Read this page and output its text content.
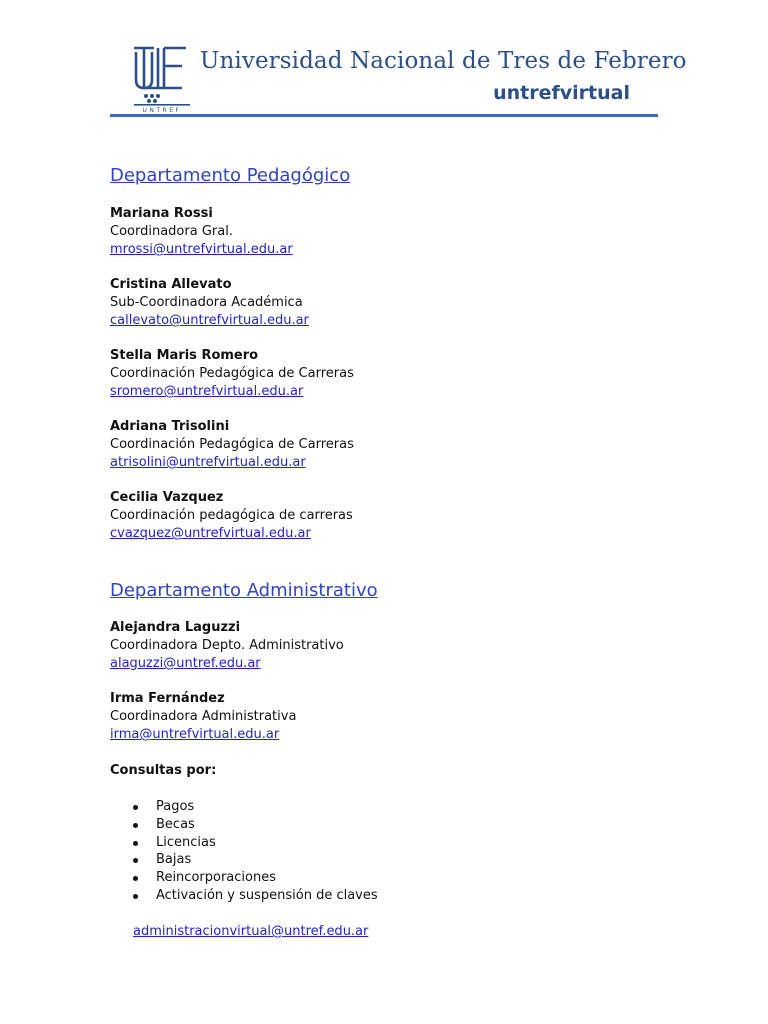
UNTREF
Universidad Nacional de Tres de Febrero
untrefvirtual
Departamento Pedagógico
Mariana Rossi
Coordinadora Gral.
mrossi@untrefvirtual.edu.ar
Cristina Allevato
Sub-Coordinadora Académica
callevato@untrefvirtual.edu.ar
Stella Maris Romero
Coordinación Pedagógica de Carreras
sromero@untrefvirtual.edu.ar
Adriana Trisolini
Coordinación Pedagógica de Carreras
atrisolini@untrefvirtual.edu.ar
Cecilia Vazquez
Coordinación pedagógica de carreras
cvazquez@untrefvirtual.edu.ar
Departamento Administrativo
Alejandra Laguzzi
Coordinadora Depto. Administrativo
alaguzzi@untref.edu.ar
Irma Fernández
Coordinadora Administrativa
irma@untrefvirtual.edu.ar
Consultas por:
Pagos
Becas
Licencias
Bajas
Reincorporaciones
Activación y suspensión de claves
administracionvirtual@untref.edu.ar
